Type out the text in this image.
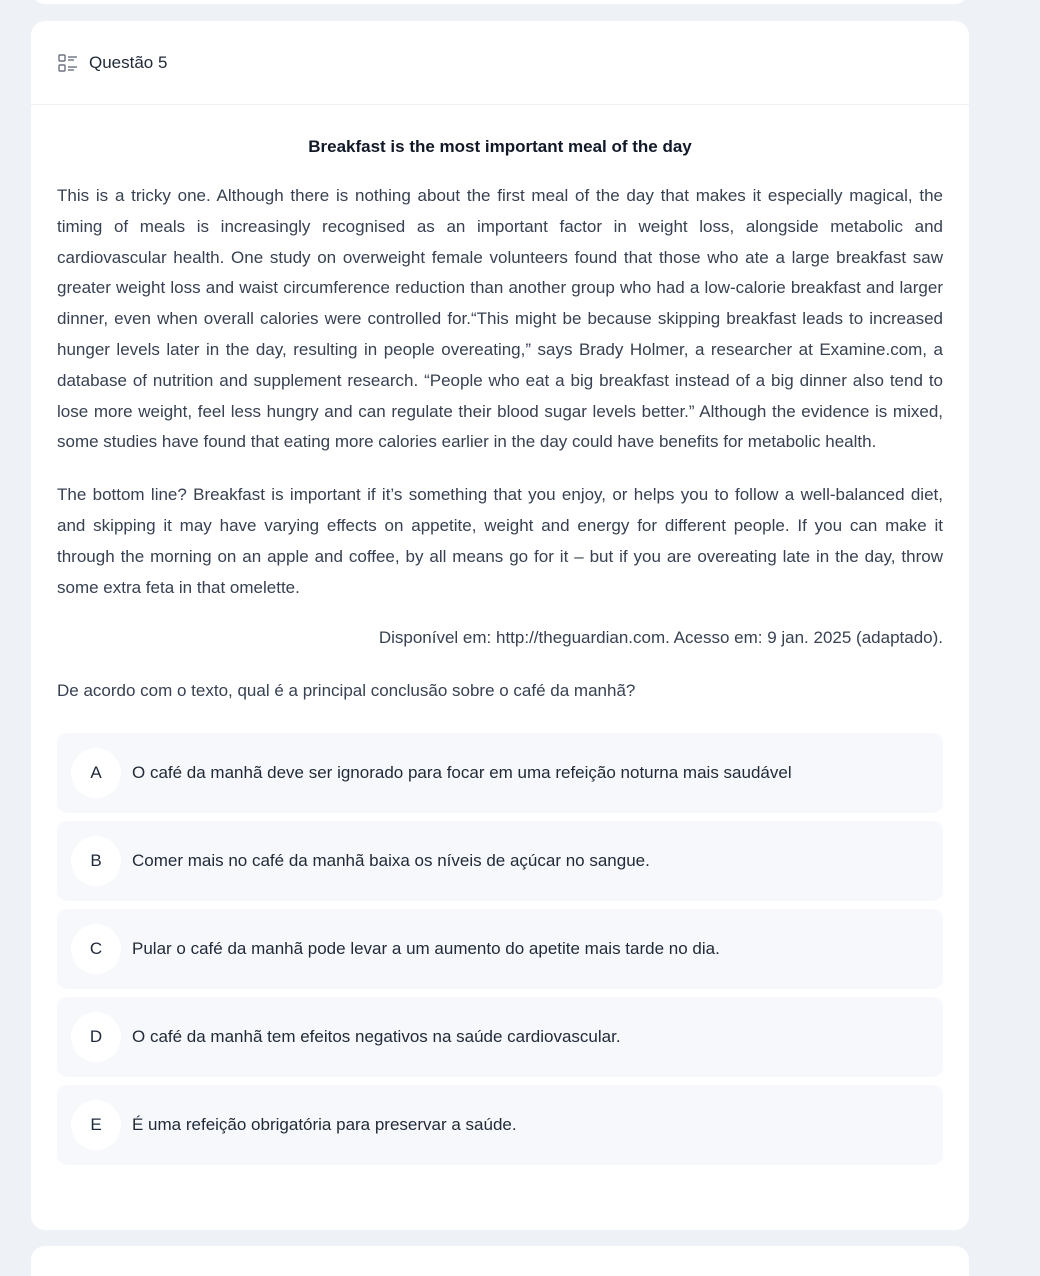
Questão 5
Breakfast is the most important meal of the day

This is a tricky one. Although there is nothing about the first meal of the day that makes it especially magical, the timing of meals is increasingly recognised as an important factor in weight loss, alongside metabolic and cardiovascular health. One study on overweight female volunteers found that those who ate a large breakfast saw greater weight loss and waist circumference reduction than another group who had a low-calorie breakfast and larger dinner, even when overall calories were controlled for.“This might be because skipping breakfast leads to increased hunger levels later in the day, resulting in people overeating,” says Brady Holmer, a researcher at Examine.com, a database of nutrition and supplement research. “People who eat a big breakfast instead of a big dinner also tend to lose more weight, feel less hungry and can regulate their blood sugar levels better.” Although the evidence is mixed, some studies have found that eating more calories earlier in the day could have benefits for metabolic health.

The bottom line? Breakfast is important if it’s something that you enjoy, or helps you to follow a well-balanced diet, and skipping it may have varying effects on appetite, weight and energy for different people. If you can make it through the morning on an apple and coffee, by all means go for it – but if you are overeating late in the day, throw some extra feta in that omelette.

Disponível em: http://theguardian.com. Acesso em: 9 jan. 2025 (adaptado).
De acordo com o texto, qual é a principal conclusão sobre o café da manhã?
A	O café da manhã deve ser ignorado para focar em uma refeição noturna mais saudável
B	Comer mais no café da manhã baixa os níveis de açúcar no sangue.
C	Pular o café da manhã pode levar a um aumento do apetite mais tarde no dia.
D	O café da manhã tem efeitos negativos na saúde cardiovascular.
E	É uma refeição obrigatória para preservar a saúde.
